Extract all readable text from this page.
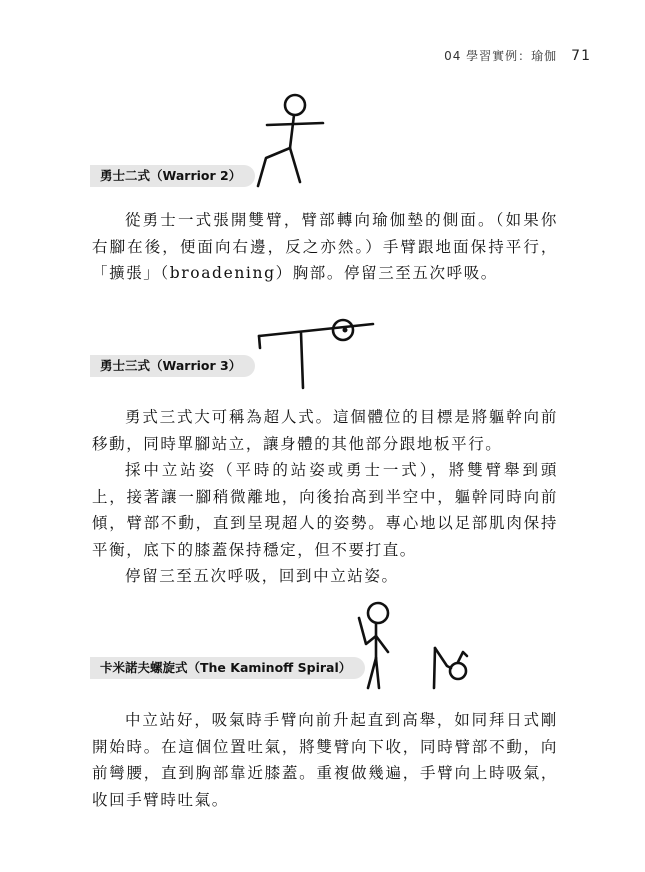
04 學習實例：瑜伽 71
勇士二式（Warrior 2）

從勇士一式張開雙臂，臂部轉向瑜伽墊的側面。（如果你右腳在後，便面向右邊，反之亦然。）手臂跟地面保持平行，「擴張」（broadening）胸部。停留三至五次呼吸。

勇士三式（Warrior 3）

勇式三式大可稱為超人式。這個體位的目標是將軀幹向前移動，同時單腳站立，讓身體的其他部分跟地板平行。

採中立站姿（平時的站姿或勇士一式），將雙臂舉到頭上，接著讓一腳稍微離地，向後抬高到半空中，軀幹同時向前傾，臂部不動，直到呈現超人的姿勢。專心地以足部肌肉保持平衡，底下的膝蓋保持穩定，但不要打直。

停留三至五次呼吸，回到中立站姿。

卡米諾夫螺旋式（The Kaminoff Spiral）

中立站好，吸氣時手臂向前升起直到高舉，如同拜日式剛開始時。在這個位置吐氣，將雙臂向下收，同時臂部不動，向前彎腰，直到胸部靠近膝蓋。重複做幾遍，手臂向上時吸氣，收回手臂時吐氣。
